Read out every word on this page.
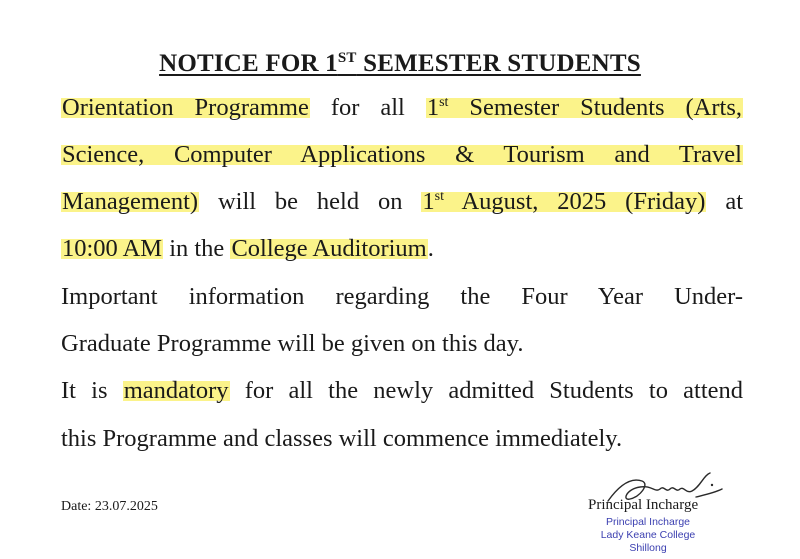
NOTICE FOR 1ST SEMESTER STUDENTS
Orientation Programme for all 1st Semester Students (Arts,
Science, Computer Applications & Tourism and Travel
Management) will be held on 1st August, 2025 (Friday) at
10:00 AM in the College Auditorium.
Important information regarding the Four Year Under-
Graduate Programme will be given on this day.
It is mandatory for all the newly admitted Students to attend
this Programme and classes will commence immediately.
Date: 23.07.2025	Principal Incharge
Principal Incharge
Lady Keane College
Shillong
